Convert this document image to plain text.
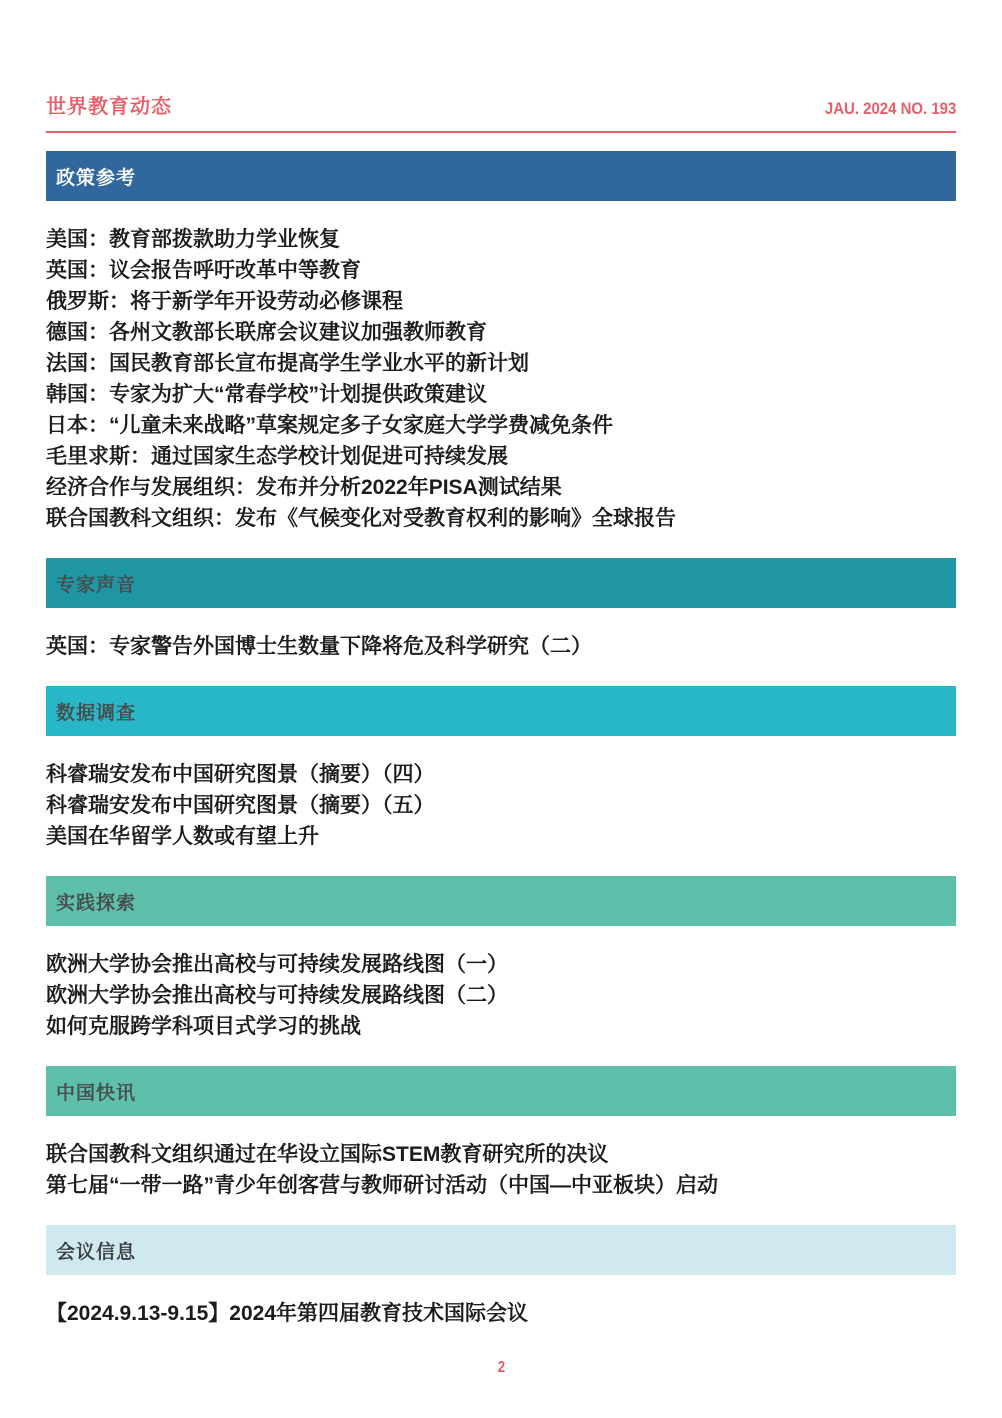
世界教育动态	JAU. 2024 NO. 193
政策参考

美国：教育部拨款助力学业恢复

英国：议会报告呼吁改革中等教育

俄罗斯：将于新学年开设劳动必修课程

德国：各州文教部长联席会议建议加强教师教育

法国：国民教育部长宣布提高学生学业水平的新计划

韩国：专家为扩大“常春学校”计划提供政策建议

日本：“儿童未来战略”草案规定多子女家庭大学学费减免条件

毛里求斯：通过国家生态学校计划促进可持续发展

经济合作与发展组织：发布并分析2022年PISA测试结果

联合国教科文组织：发布《气候变化对受教育权利的影响》全球报告

专家声音

英国：专家警告外国博士生数量下降将危及科学研究（二）

数据调查

科睿瑞安发布中国研究图景（摘要）（四）

科睿瑞安发布中国研究图景（摘要）（五）

美国在华留学人数或有望上升

实践探索

欧洲大学协会推出高校与可持续发展路线图（一）

欧洲大学协会推出高校与可持续发展路线图（二）

如何克服跨学科项目式学习的挑战

中国快讯

联合国教科文组织通过在华设立国际STEM教育研究所的决议

第七届“一带一路”青少年创客营与教师研讨活动（中国—中亚板块）启动

会议信息

【2024.9.13-9.15】2024年第四届教育技术国际会议

2
